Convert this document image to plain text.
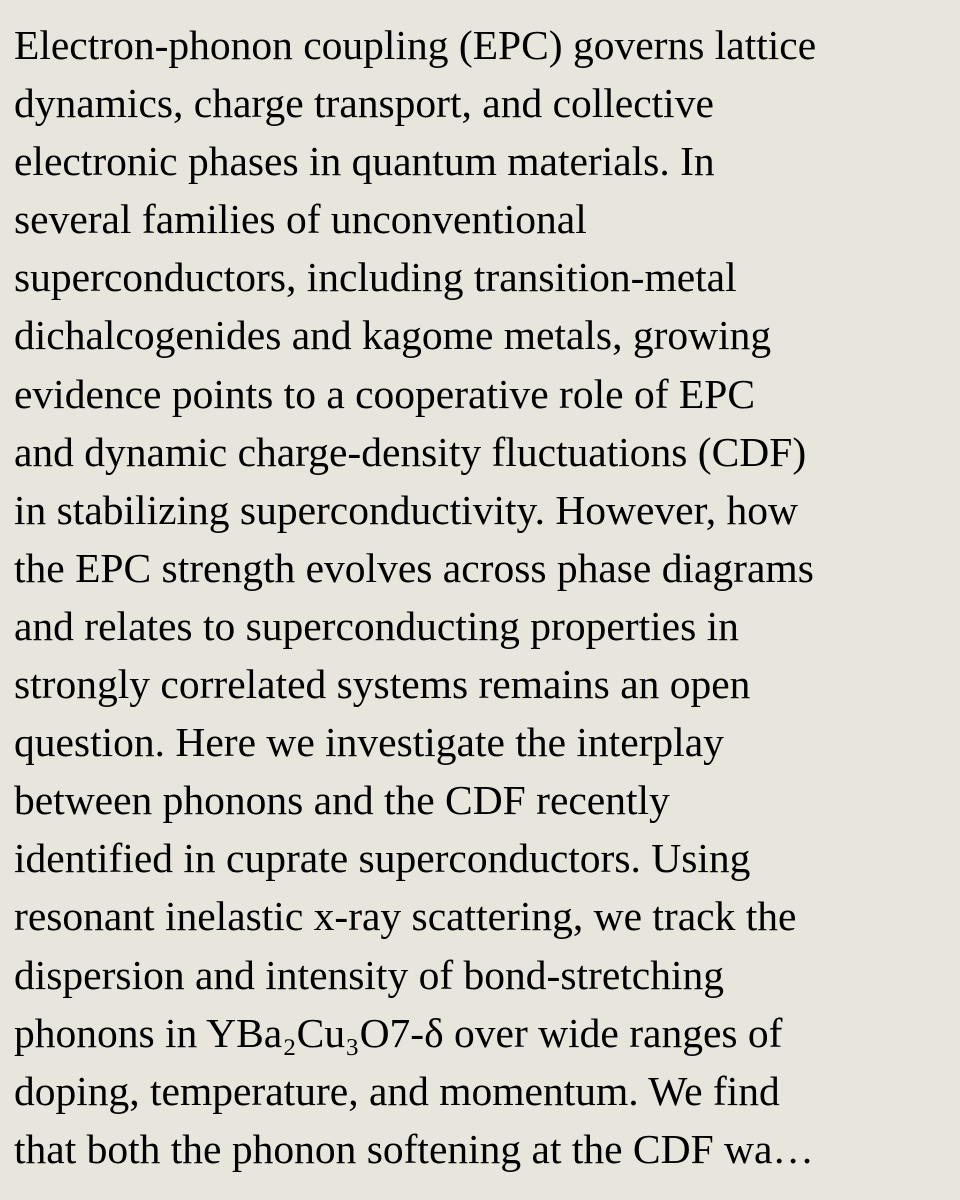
Electron-phonon coupling (EPC) governs lattice
dynamics, charge transport, and collective
electronic phases in quantum materials. In
several families of unconventional
superconductors, including transition-metal
dichalcogenides and kagome metals, growing
evidence points to a cooperative role of EPC
and dynamic charge-density fluctuations (CDF)
in stabilizing superconductivity. However, how
the EPC strength evolves across phase diagrams
and relates to superconducting properties in
strongly correlated systems remains an open
question. Here we investigate the interplay
between phonons and the CDF recently
identified in cuprate superconductors. Using
resonant inelastic x-ray scattering, we track the
dispersion and intensity of bond-stretching
phonons in YBa₂Cu₃O7-δ over wide ranges of
doping, temperature, and momentum. We find
that both the phonon softening at the CDF wa…
